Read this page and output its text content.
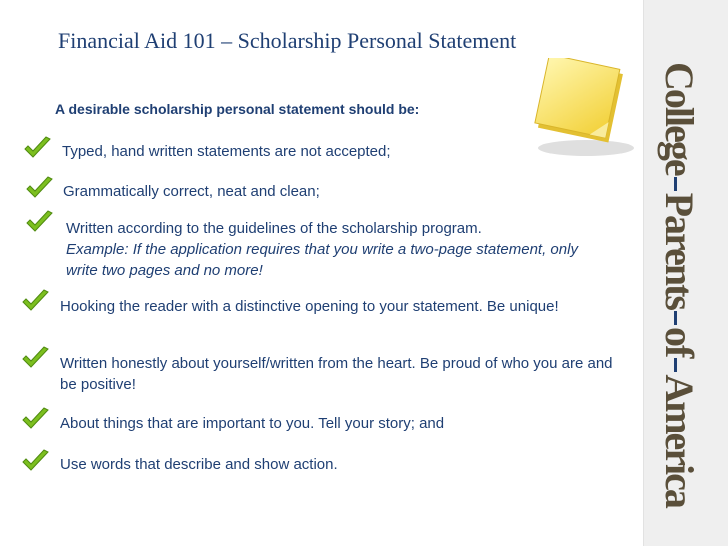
Financial Aid 101 – Scholarship Personal Statement
A desirable scholarship personal statement should be:
Typed, hand written statements are not accepted;
Grammatically correct, neat and clean;
Written according to the guidelines of the scholarship program.
Example: If the application requires that you write a two-page statement, only write two pages and no more!
Hooking the reader with a distinctive opening to your statement. Be unique!
Written honestly about yourself/written from the heart. Be proud of who you are and be positive!
About things that are important to you. Tell your story; and
Use words that describe and show action.
CollegeParentsofAmerica
